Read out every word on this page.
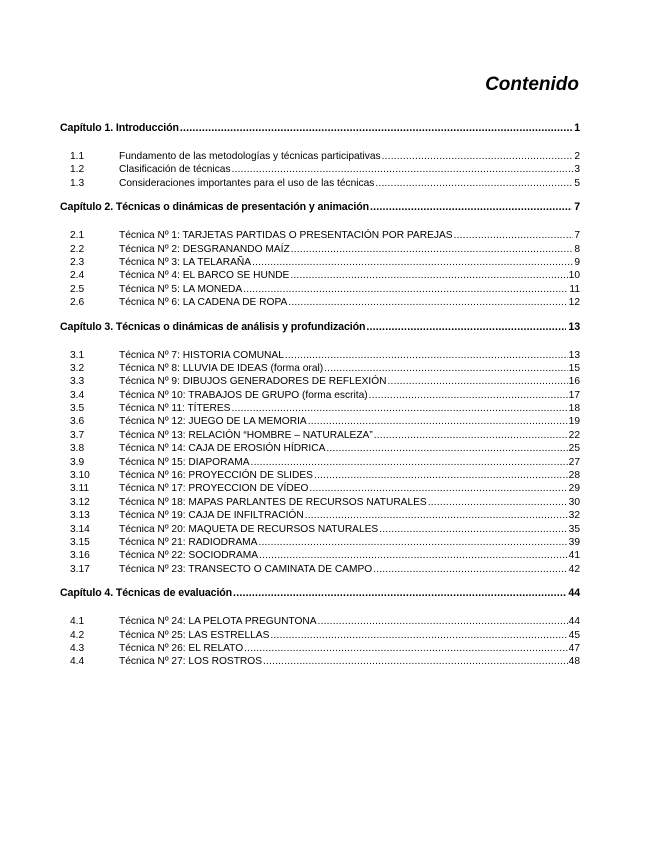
Contenido
Capítulo 1. Introducción .....	1
1.1	Fundamento de las metodologías y técnicas participativas .....	2
1.2	Clasificación de técnicas .....	3
1.3	Consideraciones importantes para el uso de las técnicas .....	5
Capítulo 2. Técnicas o dinámicas de presentación y animación .....	7
2.1	Técnica Nº 1: TARJETAS PARTIDAS O PRESENTACIÓN POR PAREJAS .....	7
2.2	Técnica Nº 2: DESGRANANDO MAÍZ .....	8
2.3	Técnica Nº 3: LA TELARAÑA .....	9
2.4	Técnica Nº 4: EL BARCO SE HUNDE .....	10
2.5	Técnica Nº 5: LA MONEDA .....	11
2.6	Técnica Nº 6: LA CADENA DE ROPA .....	12
Capítulo 3. Técnicas o dinámicas de análisis y profundización .....	13
3.1	Técnica Nº 7: HISTORIA COMUNAL .....	13
3.2	Técnica Nº 8: LLUVIA DE IDEAS (forma oral) .....	15
3.3	Técnica Nº 9: DIBUJOS GENERADORES DE REFLEXIÓN .....	16
3.4	Técnica Nº 10: TRABAJOS DE GRUPO (forma escrita) .....	17
3.5	Técnica Nº 11: TÍTERES .....	18
3.6	Técnica Nº 12: JUEGO DE LA MEMORIA .....	19
3.7	Técnica Nº 13: RELACIÓN “HOMBRE – NATURALEZA” .....	22
3.8	Técnica Nº 14: CAJA DE EROSIÓN HÍDRICA .....	25
3.9	Técnica Nº 15: DIAPORAMA .....	27
3.10	Técnica Nº 16: PROYECCIÓN DE SLIDES .....	28
3.11	Técnica Nº 17: PROYECCION DE VÍDEO .....	29
3.12	Técnica Nº 18: MAPAS PARLANTES DE RECURSOS NATURALES .....	30
3.13	Técnica Nº 19: CAJA DE INFILTRACIÓN .....	32
3.14	Técnica Nº 20: MAQUETA DE RECURSOS NATURALES .....	35
3.15	Técnica Nº 21: RADIODRAMA .....	39
3.16	Técnica Nº 22: SOCIODRAMA .....	41
3.17	Técnica Nº 23: TRANSECTO O CAMINATA DE CAMPO .....	42
Capítulo 4. Técnicas de evaluación .....	44
4.1	Técnica Nº 24: LA PELOTA PREGUNTONA .....	44
4.2	Técnica Nº 25: LAS ESTRELLAS .....	45
4.3	Técnica Nº 26: EL RELATO .....	47
4.4	Técnica Nº 27: LOS ROSTROS .....	48
